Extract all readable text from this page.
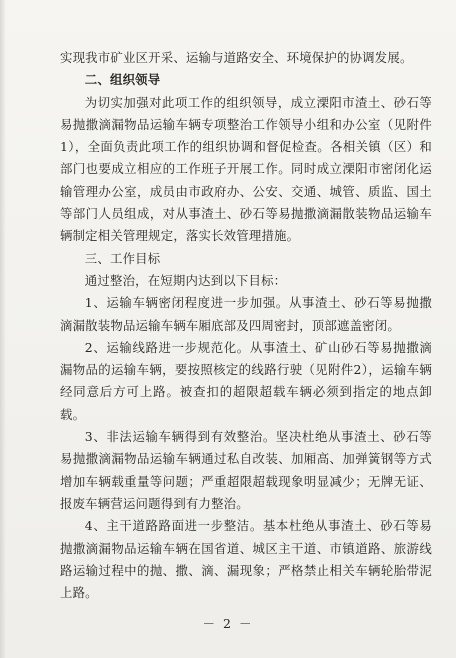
实现我市矿业区开采、运输与道路安全、环境保护的协调发展。

二、组织领导

为切实加强对此项工作的组织领导，成立溧阳市渣土、砂石等易抛撒滴漏物品运输车辆专项整治工作领导小组和办公室（见附件1），全面负责此项工作的组织协调和督促检查。各相关镇（区）和部门也要成立相应的工作班子开展工作。同时成立溧阳市密闭化运输管理办公室，成员由市政府办、公安、交通、城管、质监、国土等部门人员组成，对从事渣土、砂石等易抛撒滴漏散装物品运输车辆制定相关管理规定，落实长效管理措施。

三、工作目标

通过整治，在短期内达到以下目标：

1、运输车辆密闭程度进一步加强。从事渣土、砂石等易抛撒滴漏散装物品运输车辆车厢底部及四周密封，顶部遮盖密闭。

2、运输线路进一步规范化。从事渣土、矿山砂石等易抛撒滴漏物品的运输车辆，要按照核定的线路行驶（见附件2），运输车辆经同意后方可上路。被查扣的超限超载车辆必须到指定的地点卸载。

3、非法运输车辆得到有效整治。坚决杜绝从事渣土、砂石等易抛撒滴漏物品运输车辆通过私自改装、加厢高、加弹簧钢等方式增加车辆载重量等问题；严重超限超载现象明显减少；无牌无证、报废车辆营运问题得到有力整治。

4、主干道路路面进一步整洁。基本杜绝从事渣土、砂石等易抛撒滴漏物品运输车辆在国省道、城区主干道、市镇道路、旅游线路运输过程中的抛、撒、滴、漏现象；严格禁止相关车辆轮胎带泥上路。

－ 2 －
